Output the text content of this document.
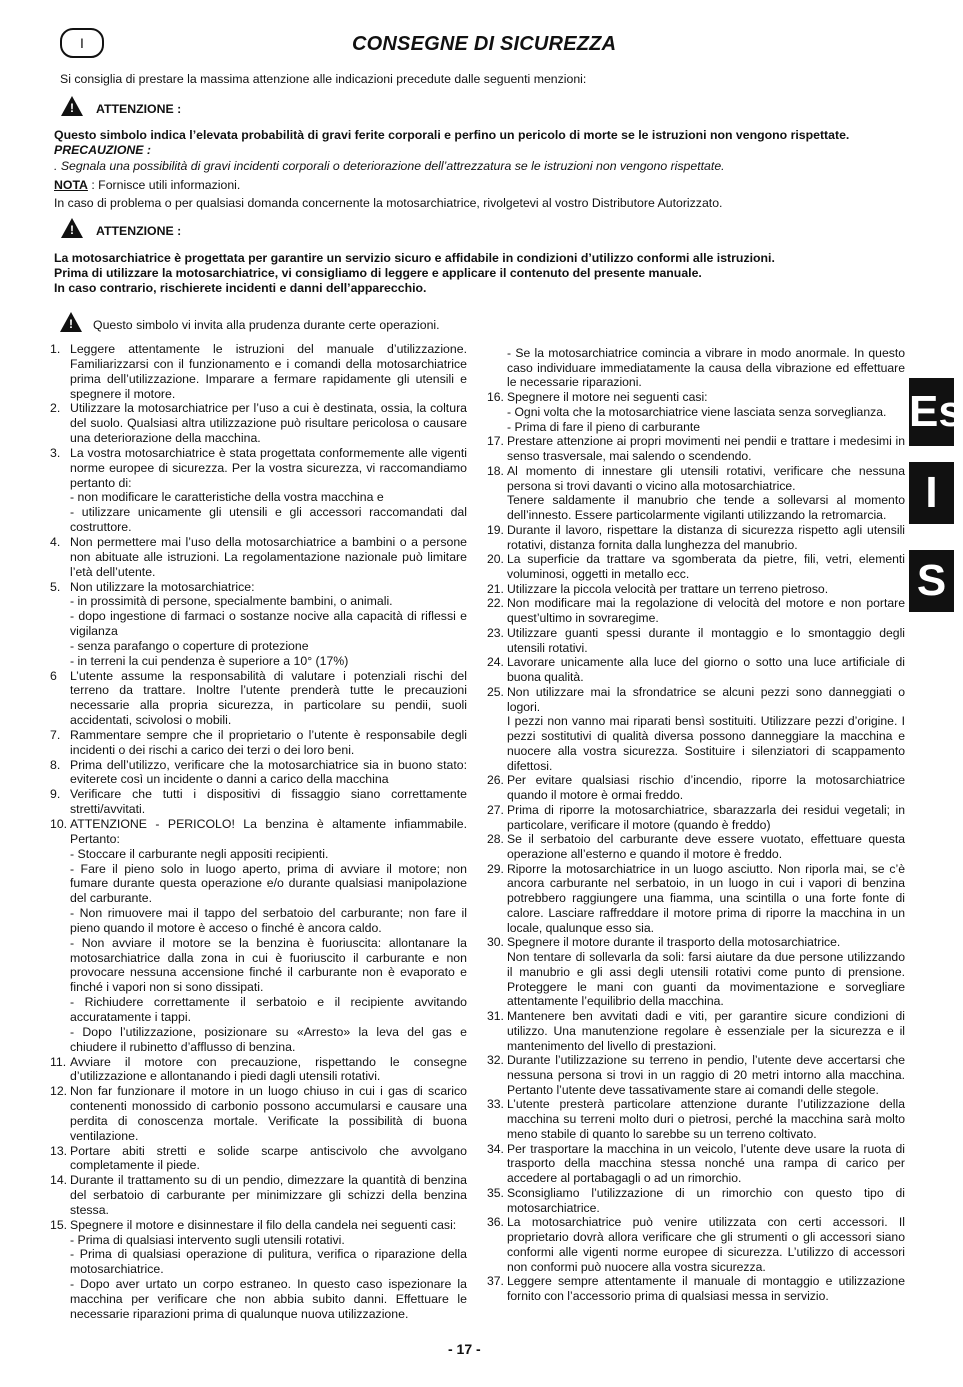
I	CONSEGNE DI SICUREZZA
Si consiglia di prestare la massima attenzione alle indicazioni precedute dalle seguenti menzioni:
!
ATTENZIONE :
Questo simbolo indica l’elevata probabilità di gravi ferite corporali e perfino un pericolo di morte se le istruzioni non vengono rispettate.
PRECAUZIONE :
. Segnala una possibilità di gravi incidenti corporali o deteriorazione dell’attrezzatura se le istruzioni non vengono rispettate.
NOTA : Fornisce utili informazioni.
In caso di problema o per qualsiasi domanda concernente la motosarchiatrice, rivolgetevi al vostro Distributore Autorizzato.
!
ATTENZIONE :
La motosarchiatrice è progettata per garantire un servizio sicuro e affidabile in condizioni d’utilizzo conformi alle istruzioni.
Prima di utilizzare la motosarchiatrice, vi consigliamo di leggere e applicare il contenuto del presente manuale.
In caso contrario, rischierete incidenti e danni dell’apparecchio.
!
Questo simbolo vi invita alla prudenza durante certe operazioni.
1. Leggere attentamente le istruzioni del manuale d’utilizzazione. Familiarizzarsi con il funzionamento e i comandi della motosarchiatrice prima dell’utilizzazione. Imparare a fermare rapidamente gli utensili e spegnere il motore.
2. Utilizzare la motosarchiatrice per l’uso a cui è destinata, ossia, la coltura del suolo. Qualsiasi altra utilizzazione può risultare pericolosa o causare una deteriorazione della macchina.
3. La vostra motosarchiatrice è stata progettata conformemente alle vigenti norme europee di sicurezza. Per la vostra sicurezza, vi raccomandiamo pertanto di:
- non modificare le caratteristiche della vostra macchina e
- utilizzare unicamente gli utensili e gli accessori raccomandati dal costruttore.
4. Non permettere mai l’uso della motosarchiatrice a bambini o a persone non abituate alle istruzioni. La regolamentazione nazionale può limitare l’età dell’utente.
5. Non utilizzare la motosarchiatrice:
- in prossimità di persone, specialmente bambini, o animali.
- dopo ingestione di farmaci o sostanze nocive alla capacità di riflessi e vigilanza
- senza parafango o coperture di protezione
- in terreni la cui pendenza è superiore a 10° (17%)
6	L’utente assume la responsabilità di valutare i potenziali rischi del terreno da trattare. Inoltre l’utente prenderà tutte le precauzioni necessarie alla propria sicurezza, in particolare su pendii, suoli accidentati, scivolosi o mobili.
7. Rammentare sempre che il proprietario o l’utente è responsabile degli incidenti o dei rischi a carico dei terzi o dei loro beni.
8. Prima dell’utilizzo, verificare che la motosarchiatrice sia in buono stato: eviterete così un incidente o danni a carico della macchina
9. Verificare che tutti i dispositivi di fissaggio siano correttamente stretti/avvitati.
10. ATTENZIONE - PERICOLO! La benzina è altamente infiammabile. Pertanto:
- Stoccare il carburante negli appositi recipienti.
- Fare il pieno solo in luogo aperto, prima di avviare il motore; non fumare durante questa operazione e/o durante qualsiasi manipolazione del carburante.
- Non rimuovere mai il tappo del serbatoio del carburante; non fare il pieno quando il motore è acceso o finché è ancora caldo.
- Non avviare il motore se la benzina è fuoriuscita: allontanare la motosarchiatrice dalla zona in cui è fuoriuscito il carburante e non provocare nessuna accensione finché il carburante non è evaporato e finché i vapori non si sono dissipati.
- Richiudere correttamente il serbatoio e il recipiente avvitando accuratamente i tappi.
- Dopo l’utilizzazione, posizionare su «Arresto» la leva del gas e chiudere il rubinetto d’afflusso di benzina.
11. Avviare il motore con precauzione, rispettando le consegne d’utilizzazione e allontanando i piedi dagli utensili rotativi.
12. Non far funzionare il motore in un luogo chiuso in cui i gas di scarico contenenti monossido di carbonio possono accumularsi e causare una perdita di conoscenza mortale. Verificate la possibilità di buona ventilazione.
13. Portare abiti stretti e solide scarpe antiscivolo che avvolgano completamente il piede.
14. Durante il trattamento su di un pendio, dimezzare la quantità di benzina del serbatoio di carburante per minimizzare gli schizzi della benzina stessa.
15. Spegnere il motore e disinnestare il filo della candela nei seguenti casi:
- Prima di qualsiasi intervento sugli utensili rotativi.
- Prima di qualsiasi operazione di pulitura, verifica o riparazione della motosarchiatrice.
- Dopo aver urtato un corpo estraneo. In questo caso ispezionare la macchina per verificare che non abbia subito danni. Effettuare le necessarie riparazioni prima di qualunque nuova utilizzazione.
- Se la motosarchiatrice comincia a vibrare in modo anormale. In questo caso individuare immediatamente la causa della vibrazione ed effettuare le necessarie riparazioni.
16. Spegnere il motore nei seguenti casi:
- Ogni volta che la motosarchiatrice viene lasciata senza sorveglianza.
- Prima di fare il pieno di carburante
17. Prestare attenzione ai propri movimenti nei pendii e trattare i medesimi in senso trasversale, mai salendo o scendendo.
18. Al momento di innestare gli utensili rotativi, verificare che nessuna persona si trovi davanti o vicino alla motosarchiatrice.
Tenere saldamente il manubrio che tende a sollevarsi al momento dell’innesto. Essere particolarmente vigilanti utilizzando la retromarcia.
19. Durante il lavoro, rispettare la distanza di sicurezza rispetto agli utensili rotativi, distanza fornita dalla lunghezza del manubrio.
20. La superficie da trattare va sgomberata da pietre, fili, vetri, elementi voluminosi, oggetti in metallo ecc.
21. Utilizzare la piccola velocità per trattare un terreno pietroso.
22. Non modificare mai la regolazione di velocità del motore e non portare quest’ultimo in sovraregime.
23. Utilizzare guanti spessi durante il montaggio e lo smontaggio degli utensili rotativi.
24. Lavorare unicamente alla luce del giorno o sotto una luce artificiale di buona qualità.
25. Non utilizzare mai la sfrondatrice se alcuni pezzi sono danneggiati o logori.
I pezzi non vanno mai riparati bensì sostituiti. Utilizzare pezzi d’origine. I pezzi sostitutivi di qualità diversa possono danneggiare la macchina e nuocere alla vostra sicurezza. Sostituire i silenziatori di scappamento difettosi.
26. Per evitare qualsiasi rischio d’incendio, riporre la motosarchiatrice quando il motore è ormai freddo.
27. Prima di riporre la motosarchiatrice, sbarazzarla dei residui vegetali; in particolare, verificare il motore (quando è freddo)
28. Se il serbatoio del carburante deve essere vuotato, effettuare questa operazione all’esterno e quando il motore è freddo.
29. Riporre la motosarchiatrice in un luogo asciutto. Non riporla mai, se c’è ancora carburante nel serbatoio, in un luogo in cui i vapori di benzina potrebbero raggiungere una fiamma, una scintilla o una forte fonte di calore. Lasciare raffreddare il motore prima di riporre la macchina in un locale, qualunque esso sia.
30. Spegnere il motore durante il trasporto della motosarchiatrice.
Non tentare di sollevarla da soli: farsi aiutare da due persone utilizzando il manubrio e gli assi degli utensili rotativi come punto di prensione. Proteggere le mani con guanti da movimentazione e sorvegliare attentamente l’equilibrio della macchina.
31. Mantenere ben avvitati dadi e viti, per garantire sicure condizioni di utilizzo. Una manutenzione regolare è essenziale per la sicurezza e il mantenimento del livello di prestazioni.
32. Durante l’utilizzazione su terreno in pendio, l’utente deve accertarsi che nessuna persona si trovi in un raggio di 20 metri intorno alla macchina. Pertanto l’utente deve tassativamente stare ai comandi delle stegole.
33. L’utente presterà particolare attenzione durante l’utilizzazione della macchina su terreni molto duri o pietrosi, perché la macchina sarà molto meno stabile di quanto lo sarebbe su un terreno coltivato.
34. Per trasportare la macchina in un veicolo, l’utente deve usare la ruota di trasporto della macchina stessa nonché una rampa di carico per accedere al portabagagli o ad un rimorchio.
35. Sconsigliamo l’utilizzazione di un rimorchio con questo tipo di motosarchiatrice.
36. La motosarchiatrice può venire utilizzata con certi accessori. Il proprietario dovrà allora verificare che gli strumenti o gli accessori siano conformi alle vigenti norme europee di sicurezza. L’utilizzo di accessori non conformi può nuocere alla vostra sicurezza.
37. Leggere sempre attentamente il manuale di montaggio e utilizzazione fornito con l’accessorio prima di qualsiasi messa in servizio.
Es
I
S
- 17 -
